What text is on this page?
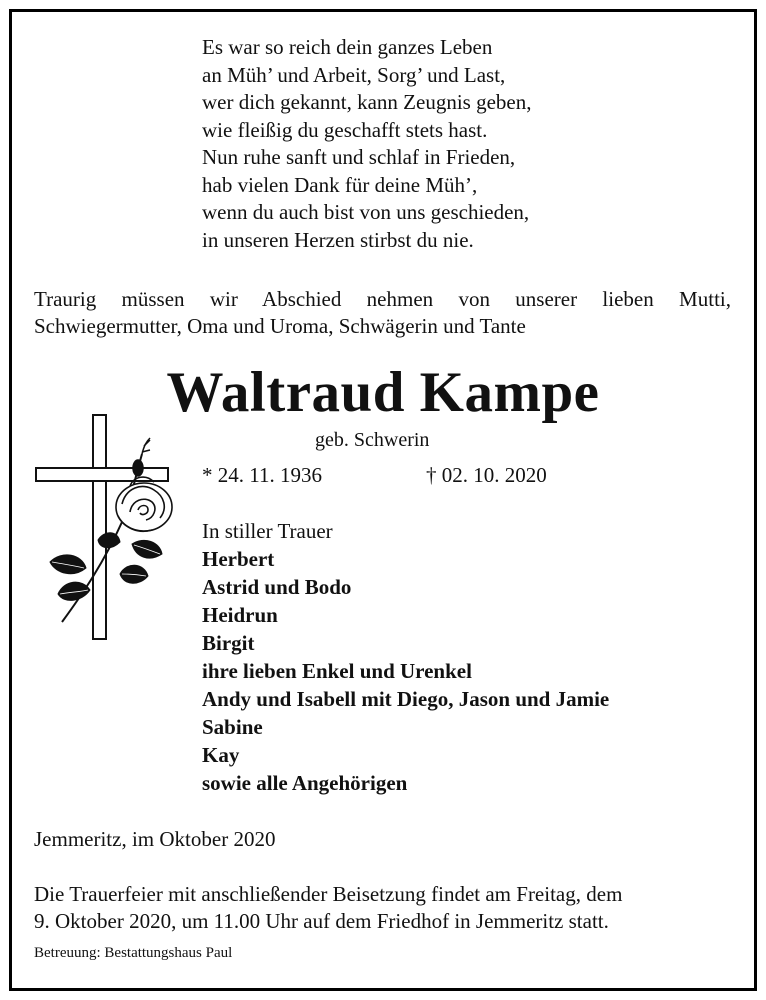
Es war so reich dein ganzes Leben
an Müh’ und Arbeit, Sorg’ und Last,
wer dich gekannt, kann Zeugnis geben,
wie fleißig du geschafft stets hast.
Nun ruhe sanft und schlaf in Frieden,
hab vielen Dank für deine Müh’,
wenn du auch bist von uns geschieden,
in unseren Herzen stirbst du nie.
Traurig müssen wir Abschied nehmen von unserer lieben Mutti,
Schwiegermutter, Oma und Uroma, Schwägerin und Tante
Waltraud Kampe
geb. Schwerin
* 24. 11. 1936	† 02. 10. 2020
In stiller Trauer
Herbert
Astrid und Bodo
Heidrun
Birgit
ihre lieben Enkel und Urenkel
Andy und Isabell mit Diego, Jason und Jamie
Sabine
Kay
sowie alle Angehörigen
Jemmeritz, im Oktober 2020
Die Trauerfeier mit anschließender Beisetzung findet am Freitag, dem
9. Oktober 2020, um 11.00 Uhr auf dem Friedhof in Jemmeritz statt.
Betreuung: Bestattungshaus Paul
